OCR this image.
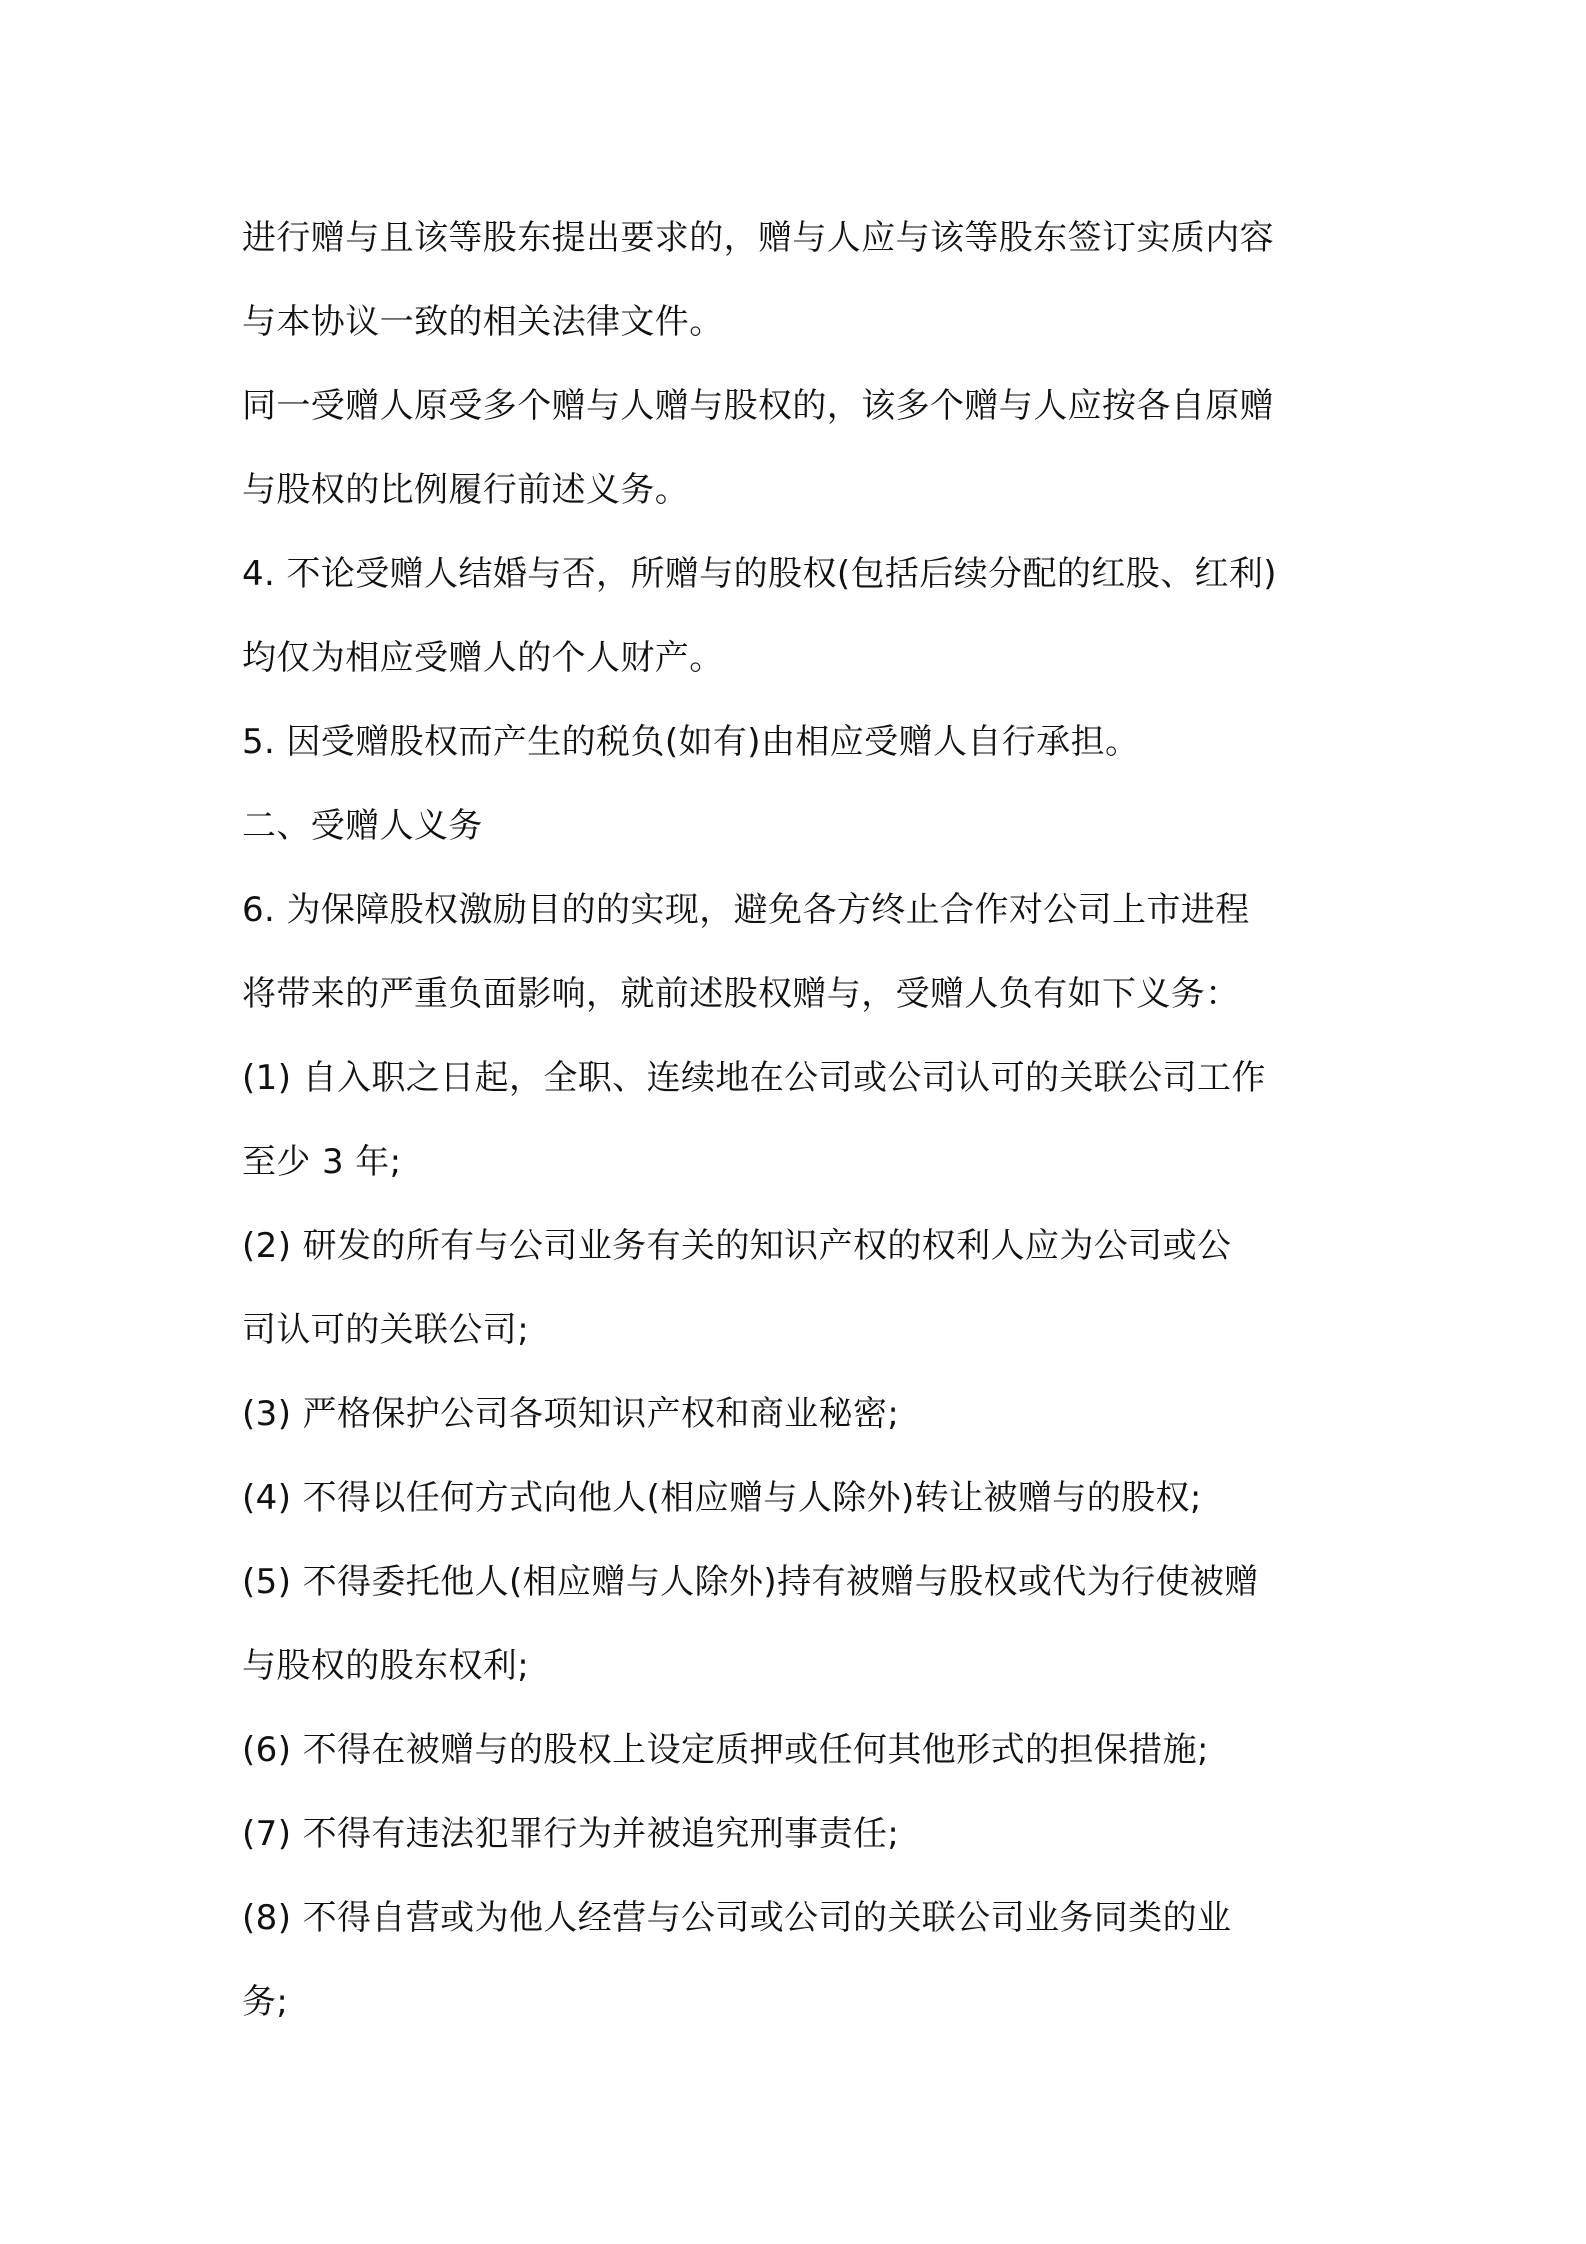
进行赠与且该等股东提出要求的，赠与人应与该等股东签订实质内容
与本协议一致的相关法律文件。

同一受赠人原受多个赠与人赠与股权的，该多个赠与人应按各自原赠
与股权的比例履行前述义务。

4. 不论受赠人结婚与否，所赠与的股权(包括后续分配的红股、红利)
均仅为相应受赠人的个人财产。

5. 因受赠股权而产生的税负(如有)由相应受赠人自行承担。

二、受赠人义务

6. 为保障股权激励目的的实现，避免各方终止合作对公司上市进程
将带来的严重负面影响，就前述股权赠与，受赠人负有如下义务：

(1) 自入职之日起，全职、连续地在公司或公司认可的关联公司工作
至少 3 年;

(2) 研发的所有与公司业务有关的知识产权的权利人应为公司或公
司认可的关联公司;

(3) 严格保护公司各项知识产权和商业秘密;

(4) 不得以任何方式向他人(相应赠与人除外)转让被赠与的股权;

(5) 不得委托他人(相应赠与人除外)持有被赠与股权或代为行使被赠
与股权的股东权利;

(6) 不得在被赠与的股权上设定质押或任何其他形式的担保措施;

(7) 不得有违法犯罪行为并被追究刑事责任;

(8) 不得自营或为他人经营与公司或公司的关联公司业务同类的业
务;
